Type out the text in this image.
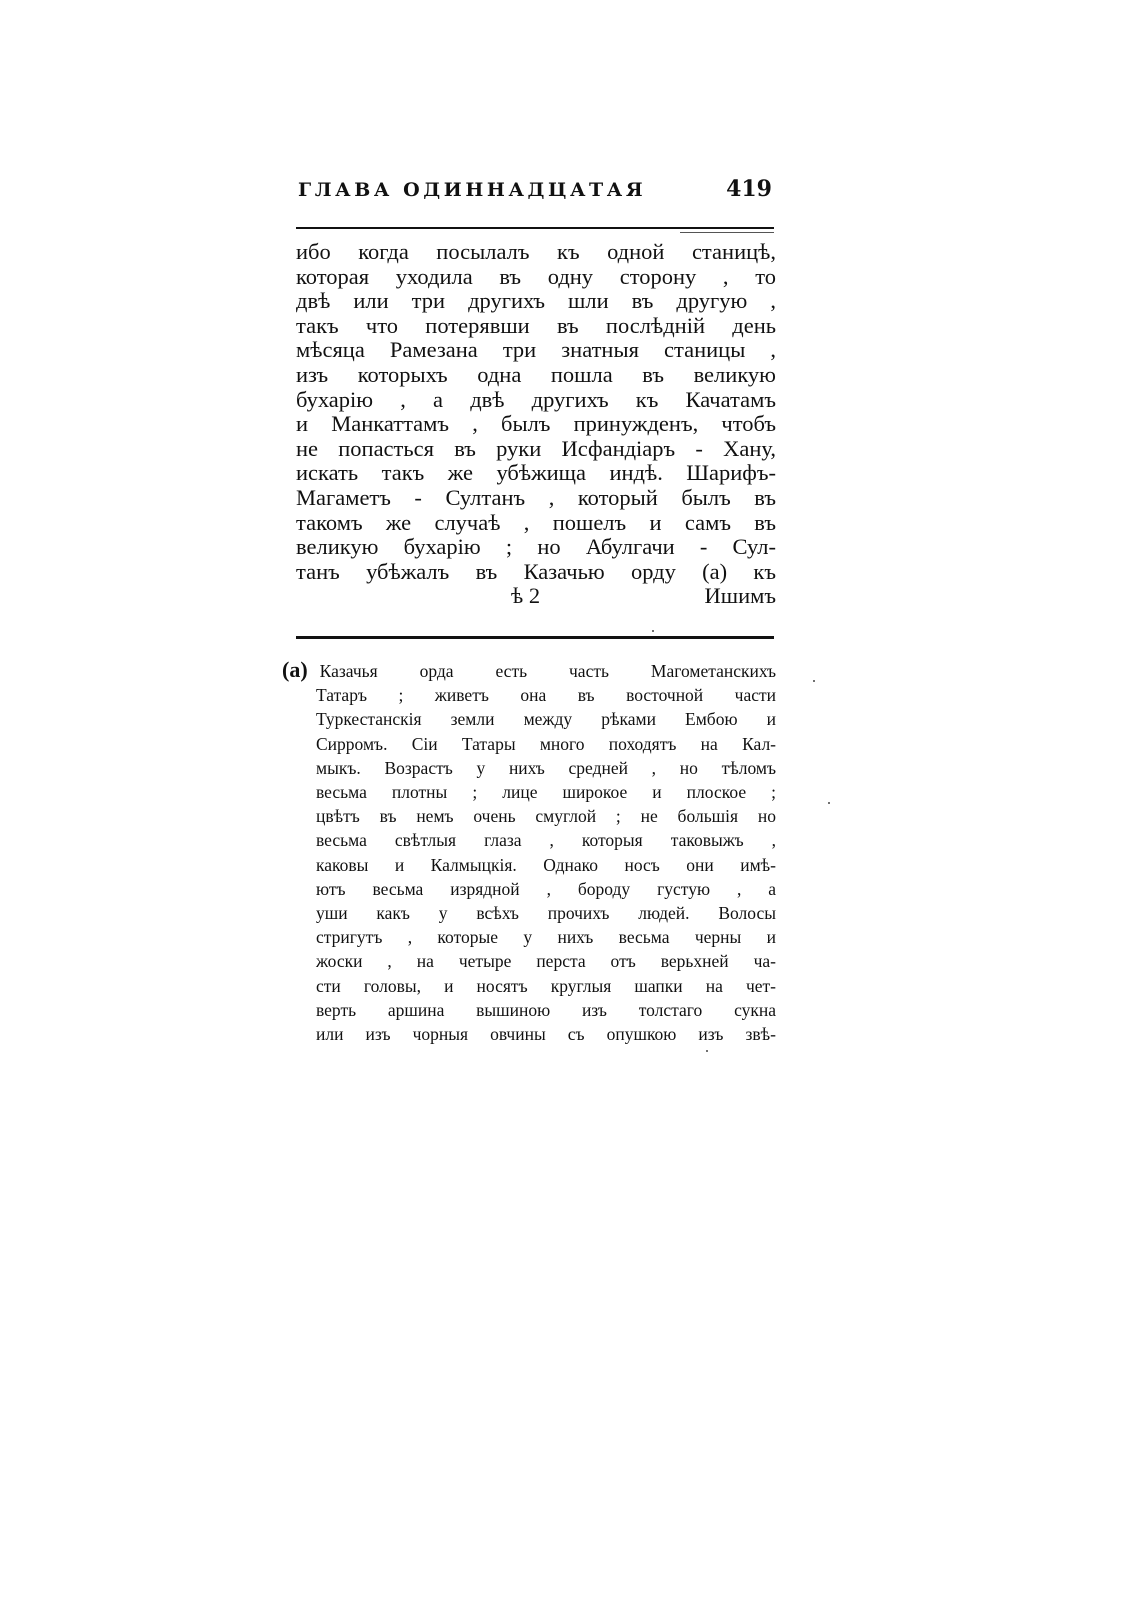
ГЛАВА ОДИННАДЦАТАЯ	419
ибо когда посылалъ къ одной станицѣ,
которая уходила въ одну сторону , то
двѣ или три другихъ шли въ другую ,
такъ что потерявши въ послѣднiй день
мѣсяца Рамезана три знатныя станицы ,
изъ которыхъ одна пошла въ великую
бухарiю , а двѣ другихъ къ Качатамъ
и Манкаттамъ , былъ принужденъ, чтобъ
не попасться въ руки Исфандiаръ - Хану,
искать такъ же убѣжища индѣ. Шарифъ-
Магаметъ - Султанъ , который былъ въ
такомъ же случаѣ , пошелъ и самъ въ
великую бухарiю ; но Абулгачи - Сул-
танъ убѣжалъ въ Казачью орду (а) къ
ѣ 2	Ишимъ
(а) Казачья орда есть часть Магометанскихъ
Татаръ ; живетъ она въ восточной части
Туркестанскiя земли между рѣками Ембою и
Сирромъ. Сiи Татары много походятъ на Кал-
мыкъ. Возрастъ у нихъ средней , но тѣломъ
весьма плотны ; лице широкое и плоское ;
цвѣтъ въ немъ очень смуглой ; не большiя но
весьма свѣтлыя глаза , которыя таковыжъ ,
каковы и Калмыцкiя. Однако носъ они имѣ-
ютъ весьма изрядной , бороду густую , а
уши какъ у всѣхъ прочихъ людей. Волосы
стригутъ , которые у нихъ весьма черны и
жоски , на четыре перста отъ верьхней ча-
сти головы, и носятъ круглыя шапки на чет-
верть аршина вышиною изъ толстаго сукна
или изъ чорныя овчины съ опушкою изъ звѣ-
